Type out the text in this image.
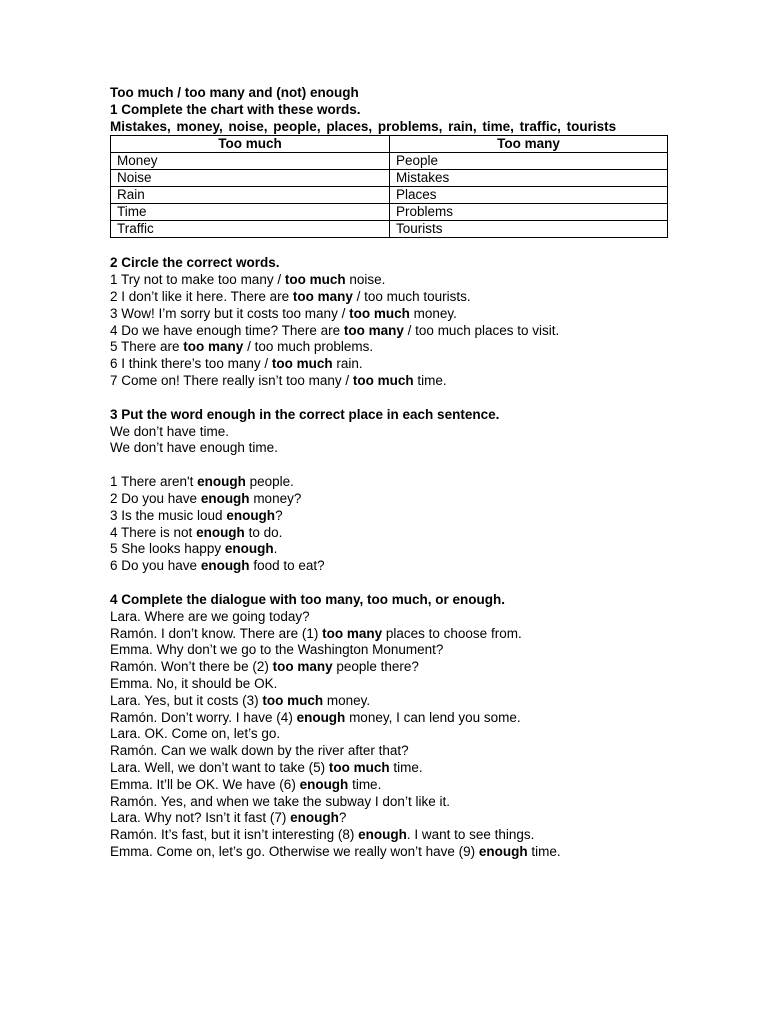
Too much / too many and (not) enough
1 Complete the chart with these words.
Mistakes, money, noise, people, places, problems, rain, time, traffic, tourists
Too much	Too many
Money	People
Noise	Mistakes
Rain	Places
Time	Problems
Traffic	Tourists
2 Circle the correct words.
1 Try not to make too many / too much noise.
2 I don’t like it here. There are too many / too much tourists.
3 Wow! I’m sorry but it costs too many / too much money.
4 Do we have enough time? There are too many / too much places to visit.
5 There are too many / too much problems.
6 I think there’s too many / too much rain.
7 Come on! There really isn’t too many / too much time.
3 Put the word enough in the correct place in each sentence.
We don’t have time.
We don’t have enough time.
1 There aren't enough people.
2 Do you have enough money?
3 Is the music loud enough?
4 There is not enough to do.
5 She looks happy enough.
6 Do you have enough food to eat?
4 Complete the dialogue with too many, too much, or enough.
Lara. Where are we going today?
Ramón. I don’t know. There are (1) too many places to choose from.
Emma. Why don’t we go to the Washington Monument?
Ramón. Won’t there be (2) too many people there?
Emma. No, it should be OK.
Lara. Yes, but it costs (3) too much money.
Ramón. Don’t worry. I have (4) enough money, I can lend you some.
Lara. OK. Come on, let’s go.
Ramón. Can we walk down by the river after that?
Lara. Well, we don’t want to take (5) too much time.
Emma. It’ll be OK. We have (6) enough time.
Ramón. Yes, and when we take the subway I don’t like it.
Lara. Why not? Isn’t it fast (7) enough?
Ramón. It’s fast, but it isn’t interesting (8) enough. I want to see things.
Emma. Come on, let’s go. Otherwise we really won’t have (9) enough time.
